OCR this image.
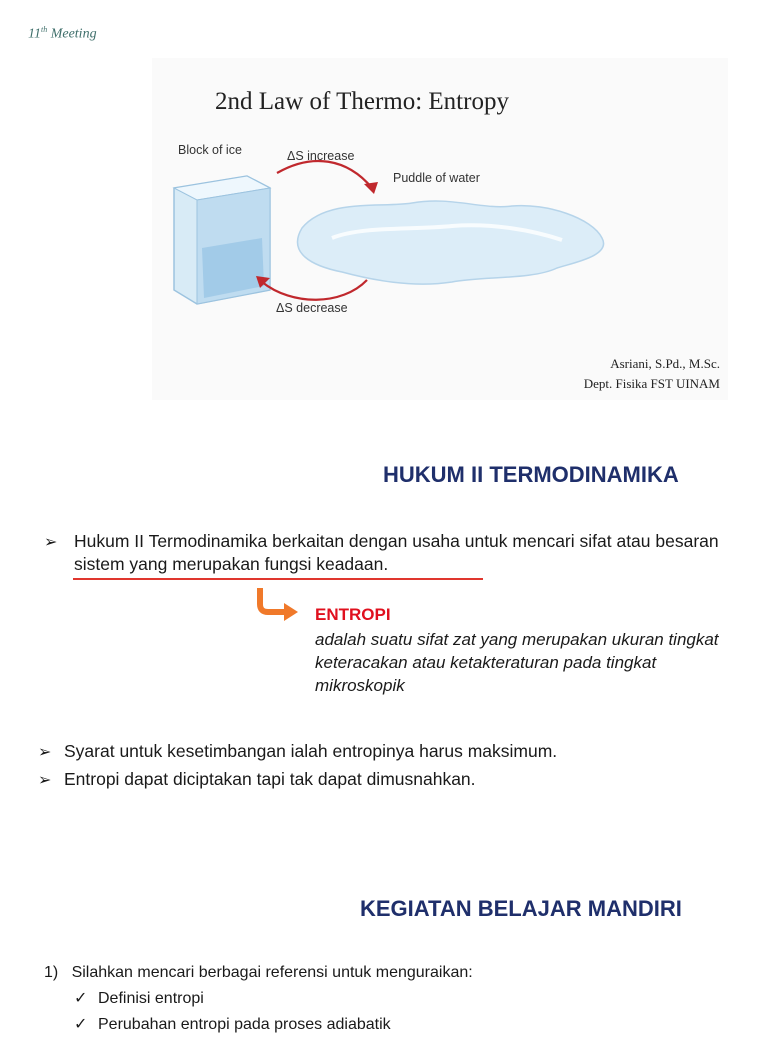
11th Meeting
Block of ice	ΔS increase
Puddle of water
ΔS decrease
2nd Law of Thermo: Entropy
Asriani, S.Pd., M.Sc.
Dept. Fisika FST UINAM
HUKUM II TERMODINAMIKA
➢ Hukum II Termodinamika berkaitan dengan usaha untuk mencari sifat atau besaran sistem yang merupakan fungsi keadaan.
ENTROPI
adalah suatu sifat zat yang merupakan ukuran tingkat keteracakan atau ketakteraturan pada tingkat mikroskopik
➢ Syarat untuk kesetimbangan ialah entropinya harus maksimum.
➢ Entropi dapat diciptakan tapi tak dapat dimusnahkan.
KEGIATAN BELAJAR MANDIRI
1) Silahkan mencari berbagai referensi untuk menguraikan:
✓ Definisi entropi
✓ Perubahan entropi pada proses adiabatik
